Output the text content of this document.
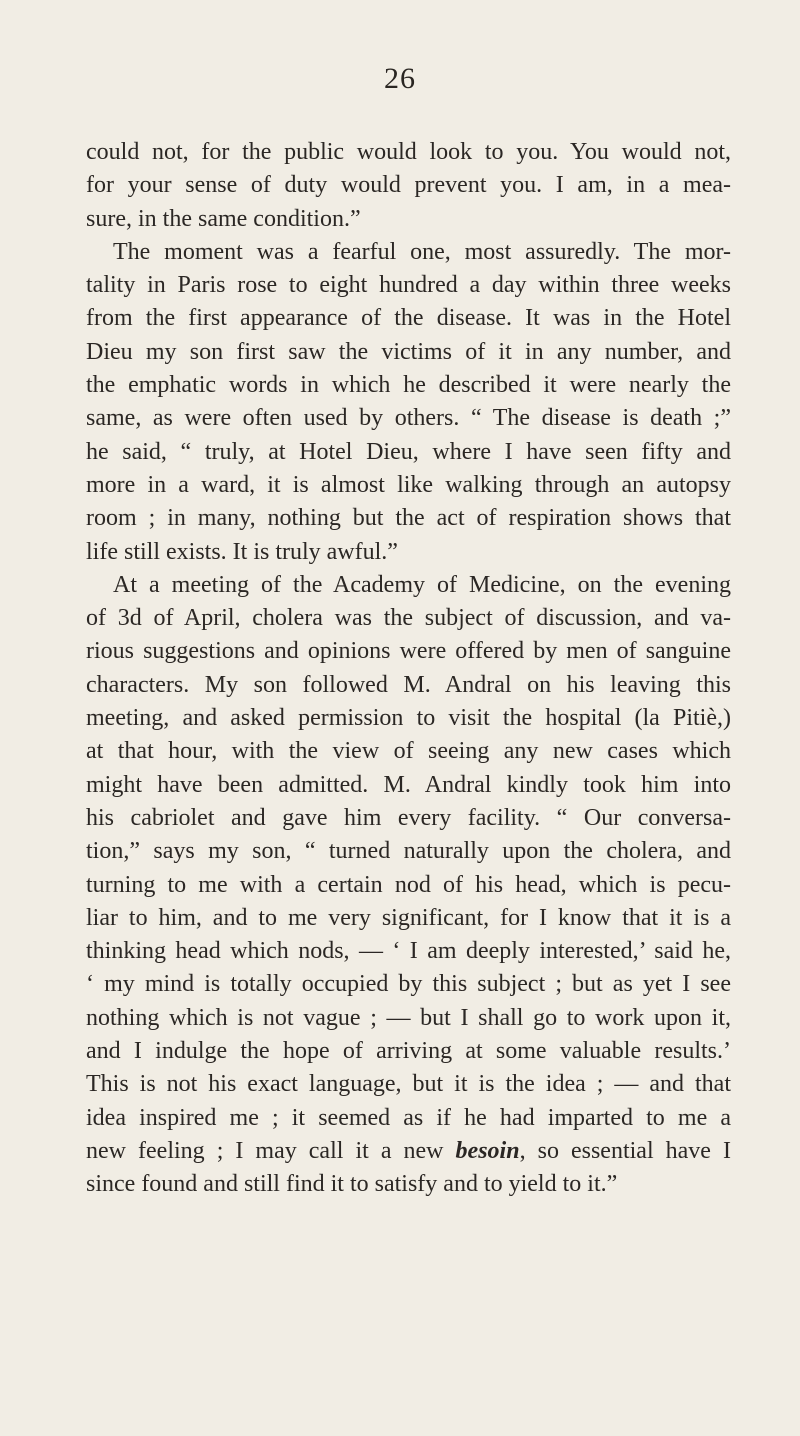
26
could not, for the public would look to you. You would not,
for your sense of duty would prevent you. I am, in a mea-
sure, in the same condition.”
The moment was a fearful one, most assuredly. The mor-
tality in Paris rose to eight hundred a day within three weeks
from the first appearance of the disease. It was in the Hotel
Dieu my son first saw the victims of it in any number, and
the emphatic words in which he described it were nearly the
same, as were often used by others. “ The disease is death ;”
he said, “ truly, at Hotel Dieu, where I have seen fifty and
more in a ward, it is almost like walking through an autopsy
room ; in many, nothing but the act of respiration shows that
life still exists. It is truly awful.”
At a meeting of the Academy of Medicine, on the evening
of 3d of April, cholera was the subject of discussion, and va-
rious suggestions and opinions were offered by men of sanguine
characters. My son followed M. Andral on his leaving this
meeting, and asked permission to visit the hospital (la Pitiè,)
at that hour, with the view of seeing any new cases which
might have been admitted. M. Andral kindly took him into
his cabriolet and gave him every facility. “ Our conversa-
tion,” says my son, “ turned naturally upon the cholera, and
turning to me with a certain nod of his head, which is pecu-
liar to him, and to me very significant, for I know that it is a
thinking head which nods, — ‘ I am deeply interested,’ said he,
‘ my mind is totally occupied by this subject ; but as yet I see
nothing which is not vague ; — but I shall go to work upon it,
and I indulge the hope of arriving at some valuable results.’
This is not his exact language, but it is the idea ; — and that
idea inspired me ; it seemed as if he had imparted to me a
new feeling ; I may call it a new besoin, so essential have I
since found and still find it to satisfy and to yield to it.”
